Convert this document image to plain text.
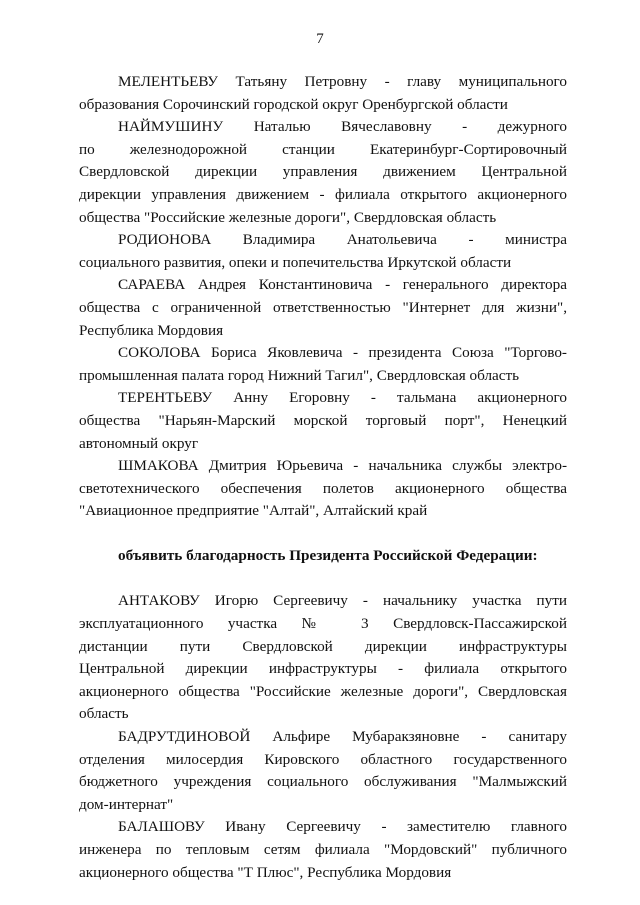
7
МЕЛЕНТЬЕВУ Татьяну Петровну - главу муниципального
образования Сорочинский городской округ Оренбургской области
НАЙМУШИНУ Наталью Вячеславовну - дежурного
по железнодорожной станции Екатеринбург-Сортировочный
Свердловской дирекции управления движением Центральной
дирекции управления движением - филиала открытого акционерного
общества "Российские железные дороги", Свердловская область
РОДИОНОВА Владимира Анатольевича - министра
социального развития, опеки и попечительства Иркутской области
САРАЕВА Андрея Константиновича - генерального директора
общества с ограниченной ответственностью "Интернет для жизни",
Республика Мордовия
СОКОЛОВА Бориса Яковлевича - президента Союза "Торгово-
промышленная палата город Нижний Тагил", Свердловская область
ТЕРЕНТЬЕВУ Анну Егоровну - тальмана акционерного
общества "Нарьян-Марский морской торговый порт", Ненецкий
автономный округ
ШМАКОВА Дмитрия Юрьевича - начальника службы электро-
светотехнического обеспечения полетов акционерного общества
"Авиационное предприятие "Алтай", Алтайский край
объявить благодарность Президента Российской Федерации:
АНТАКОВУ Игорю Сергеевичу - начальнику участка пути
эксплуатационного участка № 3 Свердловск-Пассажирской
дистанции пути Свердловской дирекции инфраструктуры
Центральной дирекции инфраструктуры - филиала открытого
акционерного общества "Российские железные дороги", Свердловская
область
БАДРУТДИНОВОЙ Альфире Мубаракзяновне - санитару
отделения милосердия Кировского областного государственного
бюджетного учреждения социального обслуживания "Малмыжский
дом-интернат"
БАЛАШОВУ Ивану Сергеевичу - заместителю главного
инженера по тепловым сетям филиала "Мордовский" публичного
акционерного общества "Т Плюс", Республика Мордовия
